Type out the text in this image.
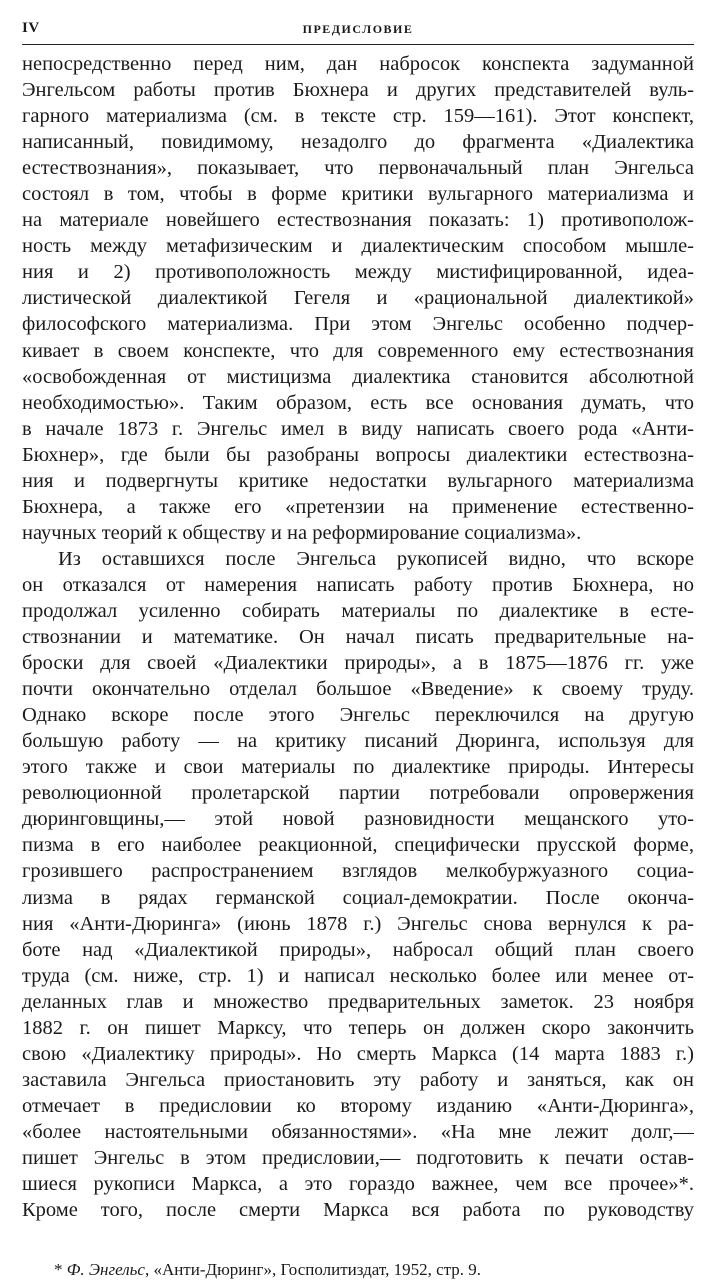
IV	ПРЕДИСЛОВИЕ
непосредственно перед ним, дан набросок конспекта задуманной
Энгельсом работы против Бюхнера и других представителей вуль-
гарного материализма (см. в тексте стр. 159—161). Этот конспект,
написанный, повидимому, незадолго до фрагмента «Диалектика
естествознания», показывает, что первоначальный план Энгельса
состоял в том, чтобы в форме критики вульгарного материализма и
на материале новейшего естествознания показать: 1) противополож-
ность между метафизическим и диалектическим способом мышле-
ния и 2) противоположность между мистифицированной, идеа-
листической диалектикой Гегеля и «рациональной диалектикой»
философского материализма. При этом Энгельс особенно подчер-
кивает в своем конспекте, что для современного ему естествознания
«освобожденная от мистицизма диалектика становится абсолютной
необходимостью». Таким образом, есть все основания думать, что
в начале 1873 г. Энгельс имел в виду написать своего рода «Анти-
Бюхнер», где были бы разобраны вопросы диалектики естествозна-
ния и подвергнуты критике недостатки вульгарного материализма
Бюхнера, а также его «претензии на применение естественно-
научных теорий к обществу и на реформирование социализма».
Из оставшихся после Энгельса рукописей видно, что вскоре
он отказался от намерения написать работу против Бюхнера, но
продолжал усиленно собирать материалы по диалектике в есте-
ствознании и математике. Он начал писать предварительные на-
броски для своей «Диалектики природы», а в 1875—1876 гг. уже
почти окончательно отделал большое «Введение» к своему труду.
Однако вскоре после этого Энгельс переключился на другую
большую работу — на критику писаний Дюринга, используя для
этого также и свои материалы по диалектике природы. Интересы
революционной пролетарской партии потребовали опровержения
дюринговщины,— этой новой разновидности мещанского уто-
пизма в его наиболее реакционной, специфически прусской форме,
грозившего распространением взглядов мелкобуржуазного социа-
лизма в рядах германской социал-демократии. После оконча-
ния «Анти-Дюринга» (июнь 1878 г.) Энгельс снова вернулся к ра-
боте над «Диалектикой природы», набросал общий план своего
труда (см. ниже, стр. 1) и написал несколько более или менее от-
деланных глав и множество предварительных заметок. 23 ноября
1882 г. он пишет Марксу, что теперь он должен скоро закончить
свою «Диалектику природы». Но смерть Маркса (14 марта 1883 г.)
заставила Энгельса приостановить эту работу и заняться, как он
отмечает в предисловии ко второму изданию «Анти-Дюринга»,
«более настоятельными обязанностями». «На мне лежит долг,—
пишет Энгельс в этом предисловии,— подготовить к печати остав-
шиеся рукописи Маркса, а это гораздо важнее, чем все прочее»*.
Кроме того, после смерти Маркса вся работа по руководству
* Ф. Энгельс, «Анти-Дюринг», Госполитиздат, 1952, стр. 9.
